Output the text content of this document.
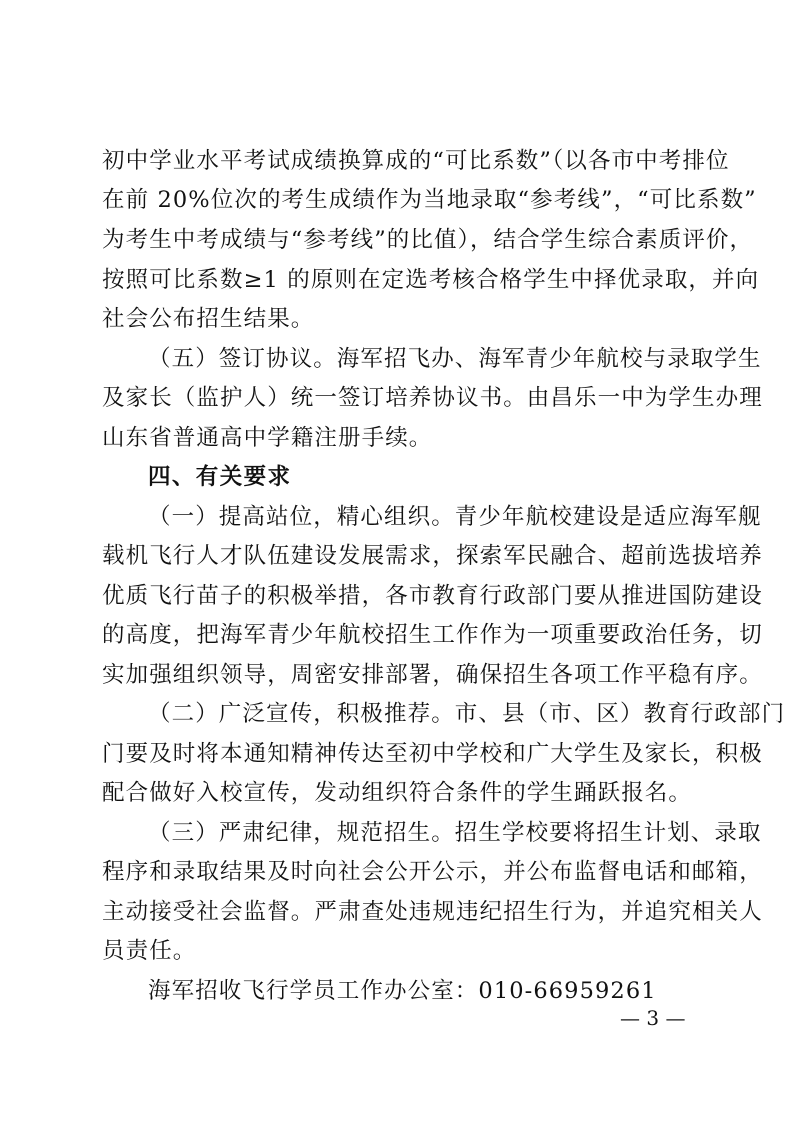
初中学业水平考试成绩换算成的“可比系数”（以各市中考排位
在前 20%位次的考生成绩作为当地录取“参考线”，“可比系数”
为考生中考成绩与“参考线”的比值），结合学生综合素质评价，
按照可比系数≥1 的原则在定选考核合格学生中择优录取，并向
社会公布招生结果。
（五）签订协议。海军招飞办、海军青少年航校与录取学生
及家长（监护人）统一签订培养协议书。由昌乐一中为学生办理
山东省普通高中学籍注册手续。
四、有关要求
（一）提高站位，精心组织。青少年航校建设是适应海军舰
载机飞行人才队伍建设发展需求，探索军民融合、超前选拔培养
优质飞行苗子的积极举措，各市教育行政部门要从推进国防建设
的高度，把海军青少年航校招生工作作为一项重要政治任务，切
实加强组织领导，周密安排部署，确保招生各项工作平稳有序。
（二）广泛宣传，积极推荐。市、县（市、区）教育行政部门
门要及时将本通知精神传达至初中学校和广大学生及家长，积极
配合做好入校宣传，发动组织符合条件的学生踊跃报名。
（三）严肃纪律，规范招生。招生学校要将招生计划、录取
程序和录取结果及时向社会公开公示，并公布监督电话和邮箱，
主动接受社会监督。严肃查处违规违纪招生行为，并追究相关人
员责任。
海军招收飞行学员工作办公室：010-66959261
— 3 —
